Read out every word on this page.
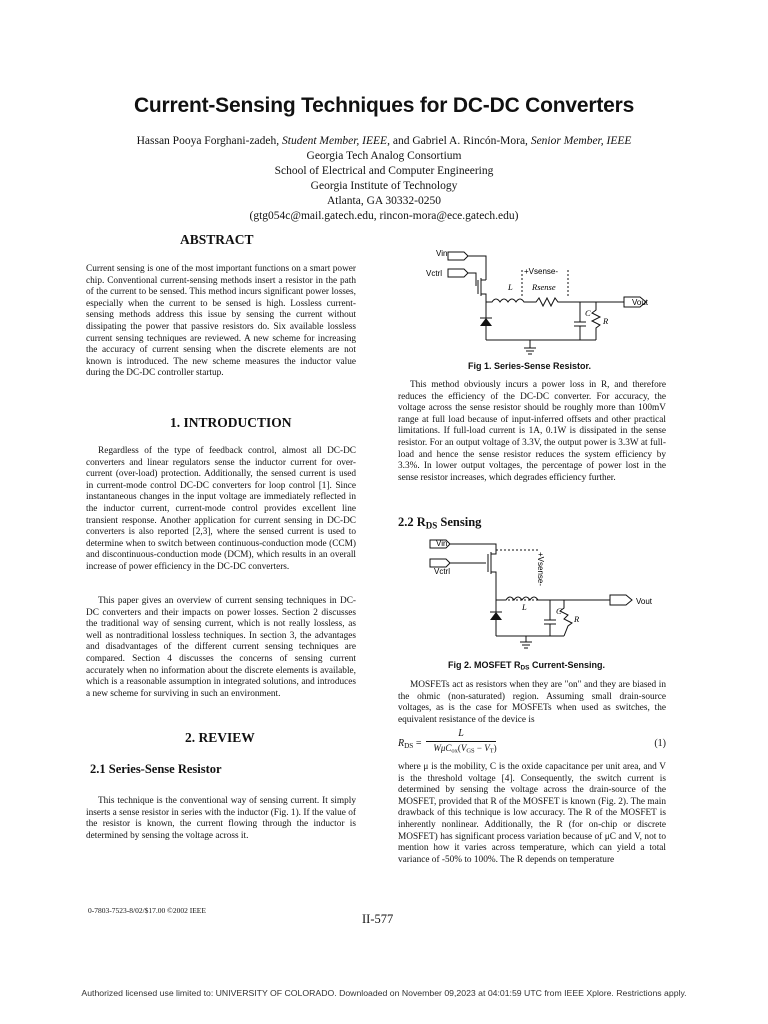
Current-Sensing Techniques for DC-DC Converters
Hassan Pooya Forghani-zadeh, Student Member, IEEE, and Gabriel A. Rincón-Mora, Senior Member, IEEE
Georgia Tech Analog Consortium
School of Electrical and Computer Engineering
Georgia Institute of Technology
Atlanta, GA 30332-0250
(gtg054c@mail.gatech.edu, rincon-mora@ece.gatech.edu)
ABSTRACT
Current sensing is one of the most important functions on a smart power chip. Conventional current-sensing methods insert a resistor in the path of the current to be sensed. This method incurs significant power losses, especially when the current to be sensed is high. Lossless current-sensing methods address this issue by sensing the current without dissipating the power that passive resistors do. Six available lossless current sensing techniques are reviewed. A new scheme for increasing the accuracy of current sensing when the discrete elements are not known is introduced. The new scheme measures the inductor value during the DC-DC controller startup.
1. INTRODUCTION
Regardless of the type of feedback control, almost all DC-DC converters and linear regulators sense the inductor current for over-current (over-load) protection. Additionally, the sensed current is used in current-mode control DC-DC converters for loop control [1]. Since instantaneous changes in the input voltage are immediately reflected in the inductor current, current-mode control provides excellent line transient response. Another application for current sensing in DC-DC converters is also reported [2,3], where the sensed current is used to determine when to switch between continuous-conduction mode (CCM) and discontinuous-conduction mode (DCM), which results in an overall increase of power efficiency in the DC-DC converters.
This paper gives an overview of current sensing techniques in DC-DC converters and their impacts on power losses. Section 2 discusses the traditional way of sensing current, which is not really lossless, as well as nontraditional lossless techniques. In section 3, the advantages and disadvantages of the different current sensing techniques are compared. Section 4 discusses the concerns of sensing current accurately when no information about the discrete elements is available, which is a reasonable assumption in integrated solutions, and introduces a new scheme for surviving in such an environment.
2. REVIEW
2.1 Series-Sense Resistor
This technique is the conventional way of sensing current. It simply inserts a sense resistor in series with the inductor (Fig. 1). If the value of the resistor is known, the current flowing through the inductor is determined by sensing the voltage across it.
Vin
Vctrl	+Vsense-
L Rsense
Vout
C
R
Fig 1. Series-Sense Resistor.
This method obviously incurs a power loss in R, and therefore reduces the efficiency of the DC-DC converter. For accuracy, the voltage across the sense resistor should be roughly more than 100mV range at full load because of input-inferred offsets and other practical limitations. If full-load current is 1A, 0.1W is dissipated in the sense resistor. For an output voltage of 3.3V, the output power is 3.3W at full-load and hence the sense resistor reduces the system efficiency by 3.3%. In lower output voltages, the percentage of power lost in the sense resistor increases, which degrades efficiency further.
2.2 $R_{DS}$ Sensing
Vin
Vctrl	+Vsense-
L
Vout
C
R
Fig 2. MOSFET $R_{DS}$ Current-Sensing.
MOSFETs act as resistors when they are "on" and they are biased in the ohmic (non-saturated) region. Assuming small drain-source voltages, as is the case for MOSFETs when used as switches, the equivalent resistance of the device is
$R_{DS}$ =
L
$W\mu C_{ox}(V_{GS} - V_T)$	(1)
where μ is the mobility, C is the oxide capacitance per unit area, and V is the threshold voltage [4]. Consequently, the switch current is determined by sensing the voltage across the drain-source of the MOSFET, provided that R of the MOSFET is known (Fig. 2). The main drawback of this technique is low accuracy. The R of the MOSFET is inherently nonlinear. Additionally, the R (for on-chip or discrete MOSFET) has significant process variation because of μC and V, not to mention how it varies across temperature, which can yield a total variance of -50% to 100%. The R depends on temperature
0-7803-7523-8/02/$17.00 ©2002 IEEE
II-577
Authorized licensed use limited to: UNIVERSITY OF COLORADO. Downloaded on November 09,2023 at 04:01:59 UTC from IEEE Xplore. Restrictions apply.
